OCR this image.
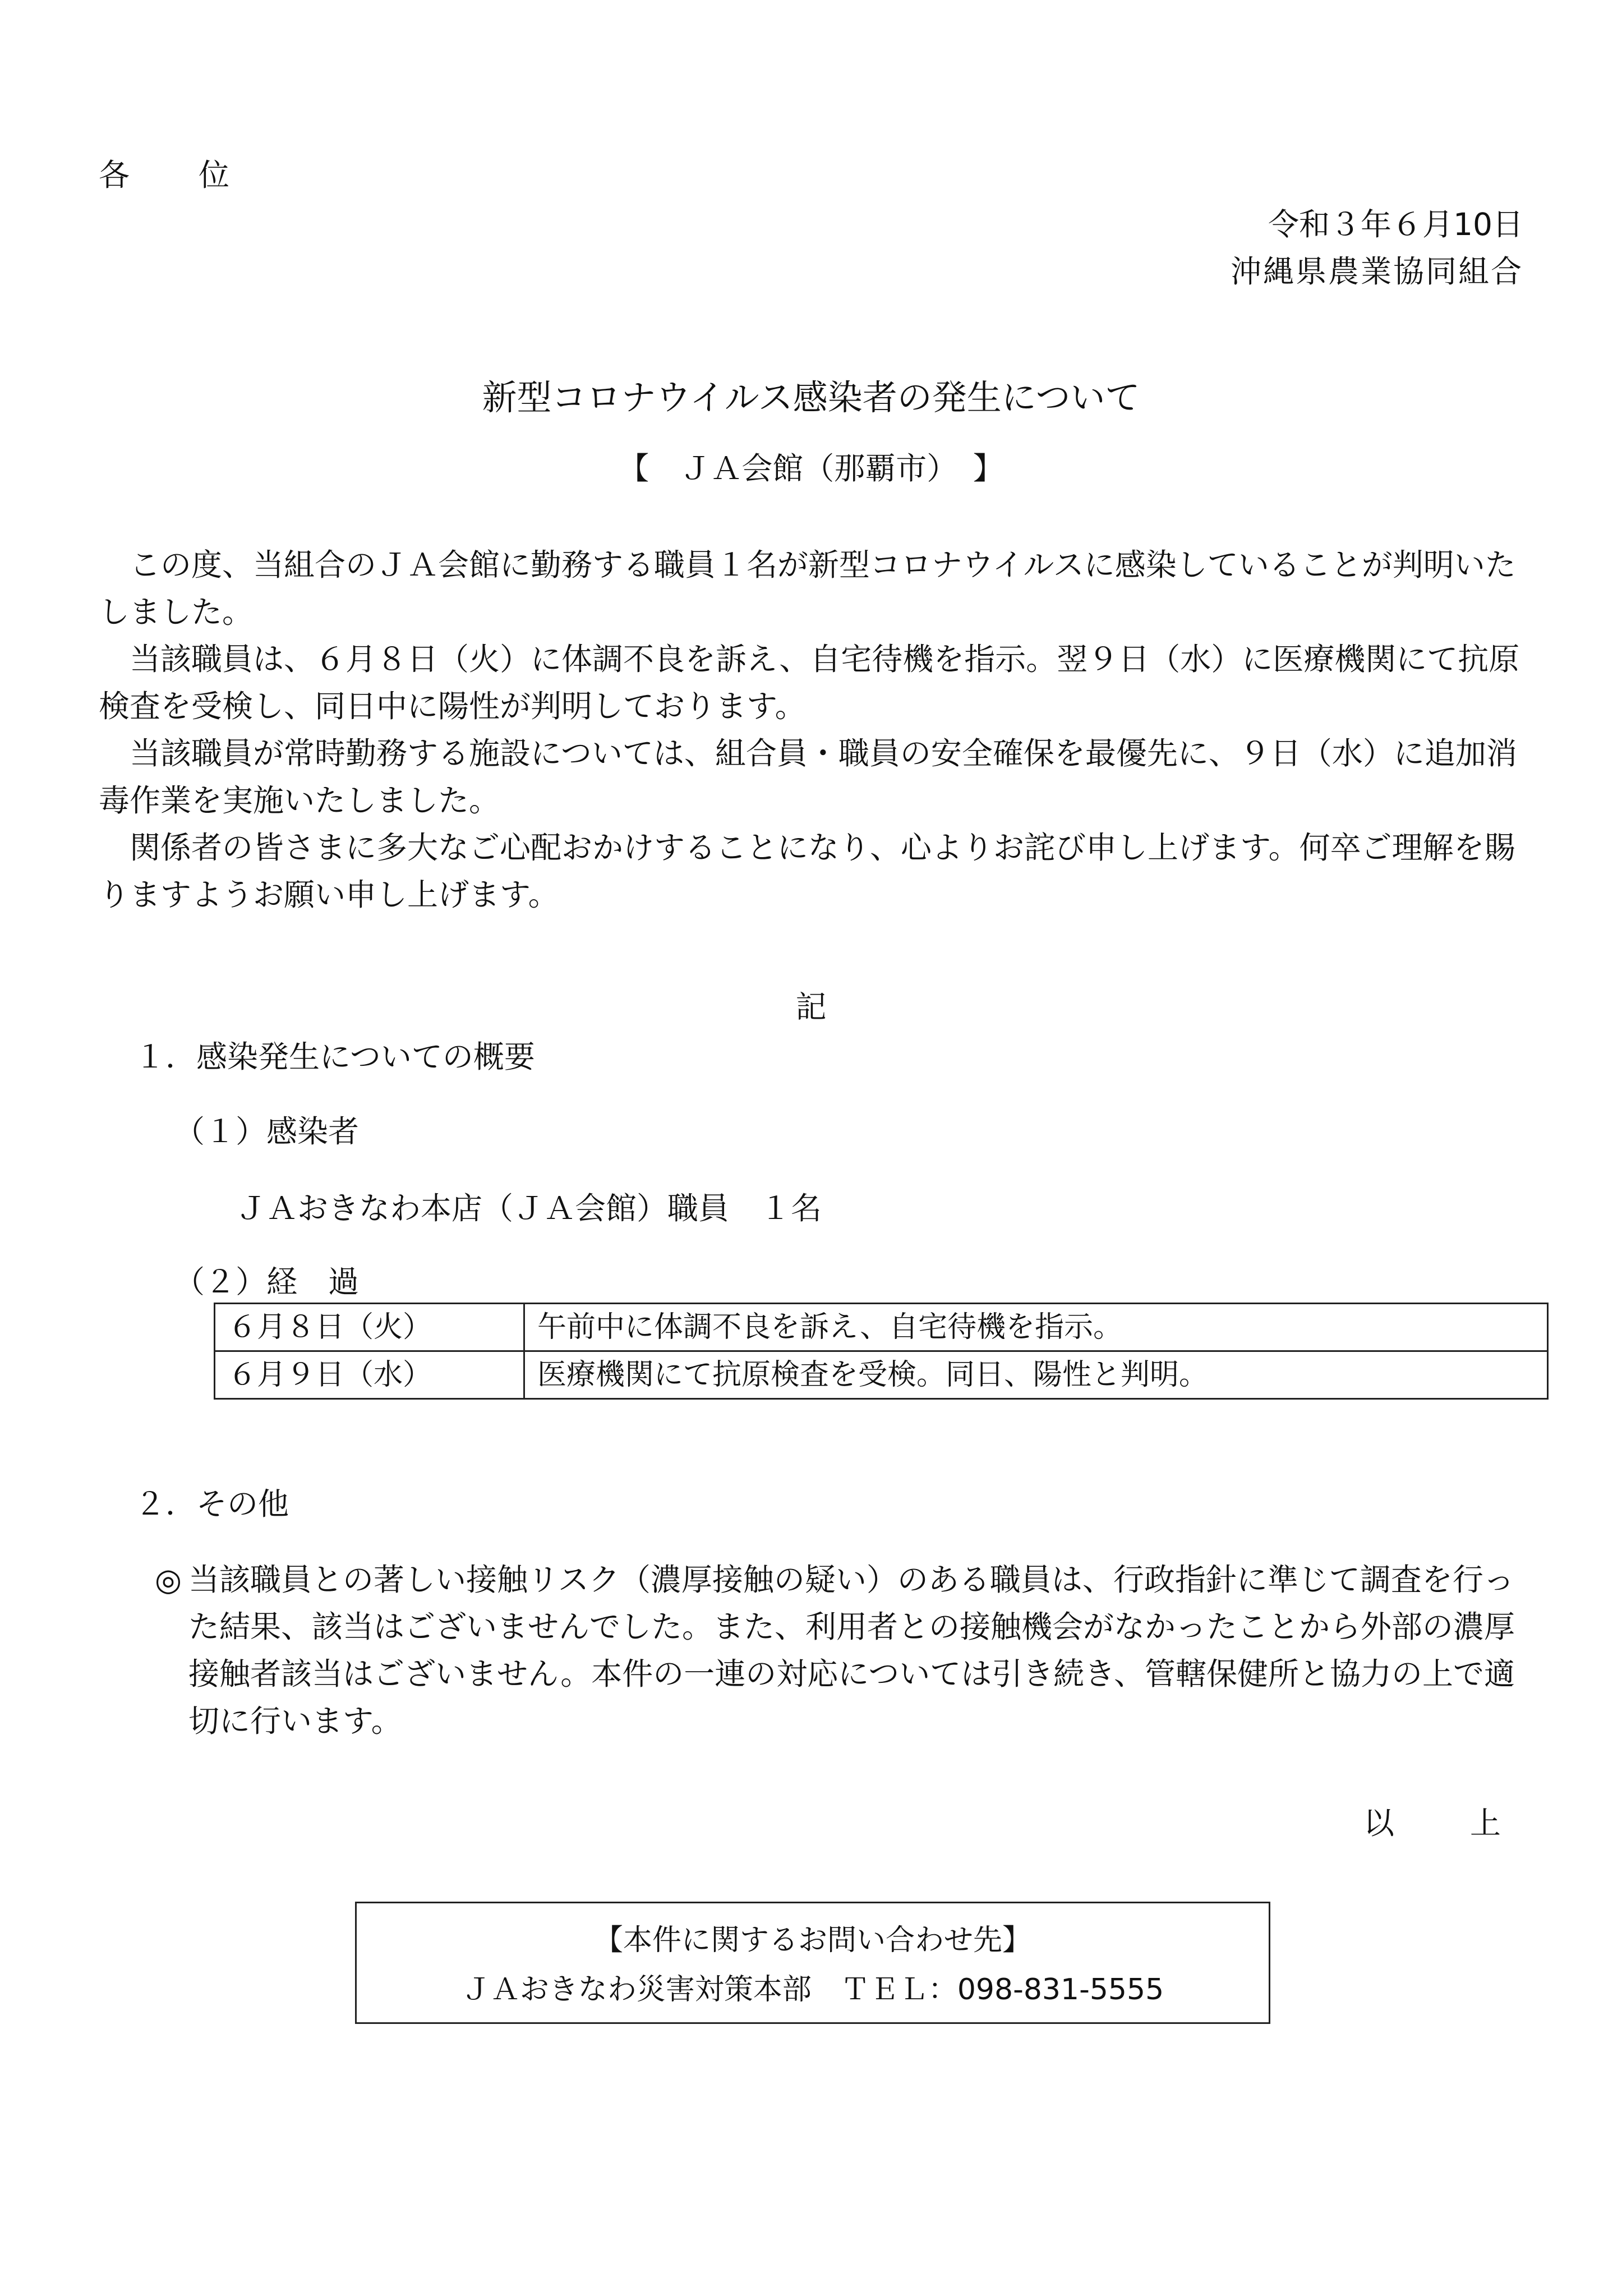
各　位
令和３年６月10日
沖縄県農業協同組合
新型コロナウイルス感染者の発生について
【　ＪＡ会館（那覇市）　】
　この度、当組合のＪＡ会館に勤務する職員１名が新型コロナウイルスに感染していることが判明いたしました。
　当該職員は、６月８日（火）に体調不良を訴え、自宅待機を指示。翌９日（水）に医療機関にて抗原検査を受検し、同日中に陽性が判明しております。
　当該職員が常時勤務する施設については、組合員・職員の安全確保を最優先に、９日（水）に追加消毒作業を実施いたしました。
　関係者の皆さまに多大なご心配おかけすることになり、心よりお詫び申し上げます。何卒ご理解を賜りますようお願い申し上げます。
記
１．感染発生についての概要
（１）感染者
ＪＡおきなわ本店（ＪＡ会館）職員　１名
（２）経　過
６月８日（火）	午前中に体調不良を訴え、自宅待機を指示。
６月９日（水）	医療機関にて抗原検査を受検。同日、陽性と判明。
２．その他
◎ 当該職員との著しい接触リスク（濃厚接触の疑い）のある職員は、行政指針に準じて調査を行った結果、該当はございませんでした。また、利用者との接触機会がなかったことから外部の濃厚接触者該当はございません。本件の一連の対応については引き続き、管轄保健所と協力の上で適切に行います。
以　上
【本件に関するお問い合わせ先】
ＪＡおきなわ災害対策本部　ＴＥＬ：098-831-5555
